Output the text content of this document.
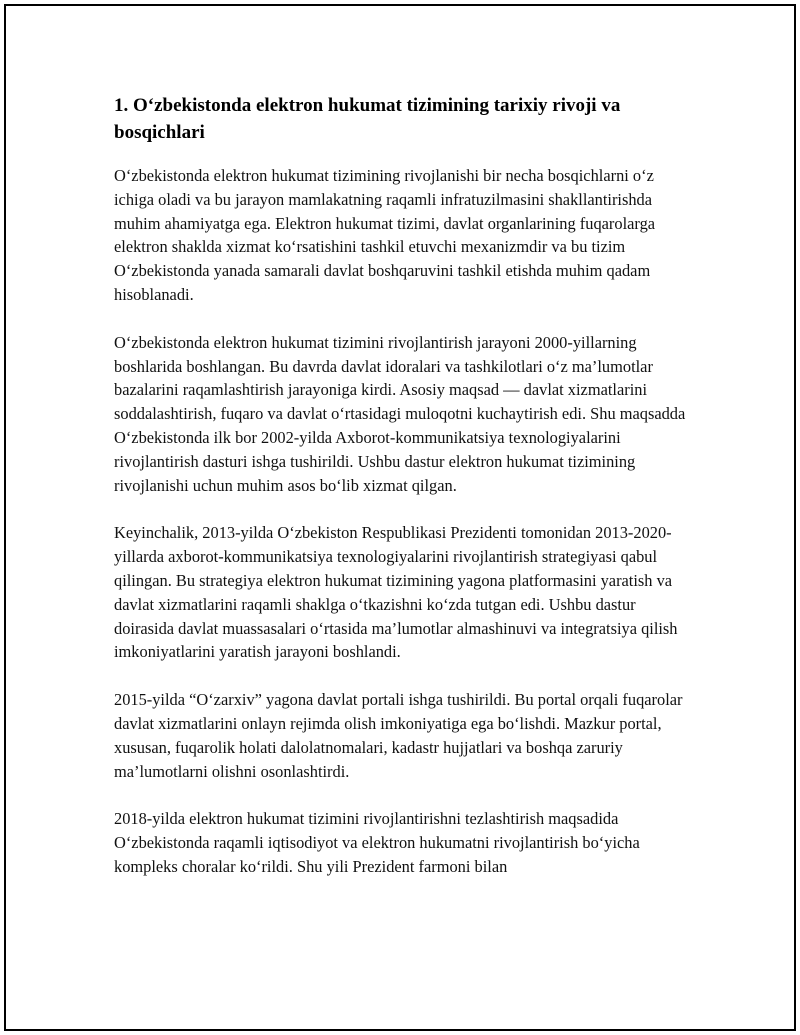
1. O‘zbekistonda elektron hukumat tizimining tarixiy rivoji va bosqichlari

O‘zbekistonda elektron hukumat tizimining rivojlanishi bir necha bosqichlarni o‘z ichiga oladi va bu jarayon mamlakatning raqamli infratuzilmasini shakllantirishda muhim ahamiyatga ega. Elektron hukumat tizimi, davlat organlarining fuqarolarga elektron shaklda xizmat ko‘rsatishini tashkil etuvchi mexanizmdir va bu tizim O‘zbekistonda yanada samarali davlat boshqaruvini tashkil etishda muhim qadam hisoblanadi.

O‘zbekistonda elektron hukumat tizimini rivojlantirish jarayoni 2000-yillarning boshlarida boshlangan. Bu davrda davlat idoralari va tashkilotlari o‘z ma’lumotlar bazalarini raqamlashtirish jarayoniga kirdi. Asosiy maqsad — davlat xizmatlarini soddalashtirish, fuqaro va davlat o‘rtasidagi muloqotni kuchaytirish edi. Shu maqsadda O‘zbekistonda ilk bor 2002-yilda Axborot-kommunikatsiya texnologiyalarini rivojlantirish dasturi ishga tushirildi. Ushbu dastur elektron hukumat tizimining rivojlanishi uchun muhim asos bo‘lib xizmat qilgan.

Keyinchalik, 2013-yilda O‘zbekiston Respublikasi Prezidenti tomonidan 2013-2020-yillarda axborot-kommunikatsiya texnologiyalarini rivojlantirish strategiyasi qabul qilingan. Bu strategiya elektron hukumat tizimining yagona platformasini yaratish va davlat xizmatlarini raqamli shaklga o‘tkazishni ko‘zda tutgan edi. Ushbu dastur doirasida davlat muassasalari o‘rtasida ma’lumotlar almashinuvi va integratsiya qilish imkoniyatlarini yaratish jarayoni boshlandi.

2015-yilda “O‘zarxiv” yagona davlat portali ishga tushirildi. Bu portal orqali fuqarolar davlat xizmatlarini onlayn rejimda olish imkoniyatiga ega bo‘lishdi. Mazkur portal, xususan, fuqarolik holati dalolatnomalari, kadastr hujjatlari va boshqa zaruriy ma’lumotlarni olishni osonlashtirdi.

2018-yilda elektron hukumat tizimini rivojlantirishni tezlashtirish maqsadida O‘zbekistonda raqamli iqtisodiyot va elektron hukumatni rivojlantirish bo‘yicha kompleks choralar ko‘rildi. Shu yili Prezident farmoni bilan
